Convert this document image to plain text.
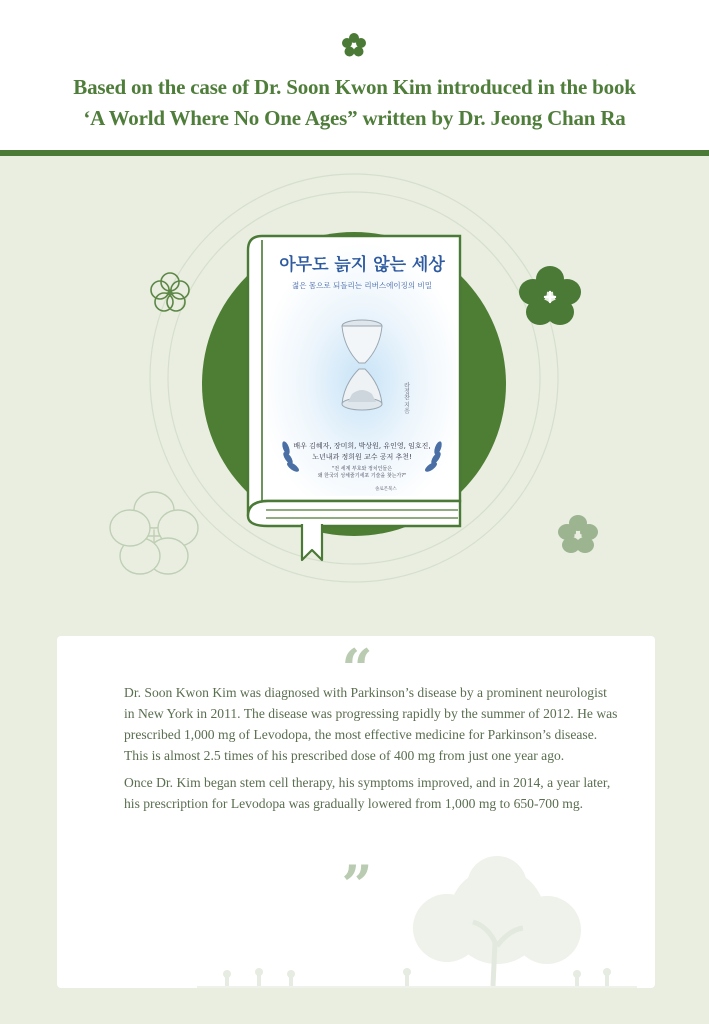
Based on the case of Dr. Soon Kwon Kim introduced in the book
‘A World Where No One Ages” written by Dr. Jeong Chan Ra
아무도 늙지 않는 세상
젊은 몸으로 되돌리는 리버스에이징의 비밀
라정찬 지음
배우 김혜자, 장미희, 박상원, 유인영, 임호진,
노년내과 정희원 교수 공저 추천!
"전 세계 부호와 정치인들은
왜 한국의 성체줄기세포 기술을 찾는가?"
솔로몬북스
“

Dr. Soon Kwon Kim was diagnosed with Parkinson’s disease by a prominent neurologist in New York in 2011. The disease was progressing rapidly by the summer of 2012. He was prescribed 1,000 mg of Levodopa, the most effective medicine for Parkinson’s disease.

This is almost 2.5 times of his prescribed dose of 400 mg from just one year ago.

Once Dr. Kim began stem cell therapy, his symptoms improved, and in 2014, a year later, his prescription for Levodopa was gradually lowered from 1,000 mg to 650-700 mg.

”
